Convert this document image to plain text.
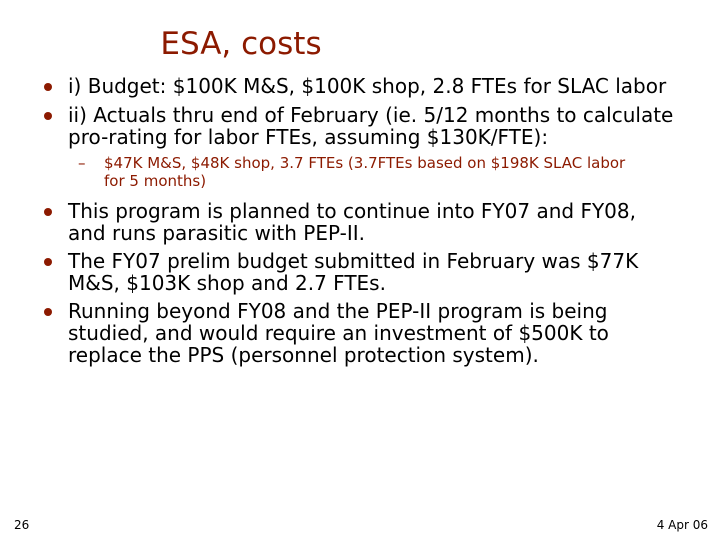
ESA, costs
i) Budget: $100K M&S, $100K shop, 2.8 FTEs for SLAC labor
ii) Actuals thru end of February (ie. 5/12 months to calculate
pro-rating for labor FTEs, assuming $130K/FTE):
– $47K M&S, $48K shop, 3.7 FTEs (3.7FTEs based on $198K SLAC labor
for 5 months)
This program is planned to continue into FY07 and FY08,
and runs parasitic with PEP-II.
The FY07 prelim budget submitted in February was $77K
M&S, $103K shop and 2.7 FTEs.
Running beyond FY08 and the PEP-II program is being
studied, and would require an investment of $500K to
replace the PPS (personnel protection system).
26	4 Apr 06
